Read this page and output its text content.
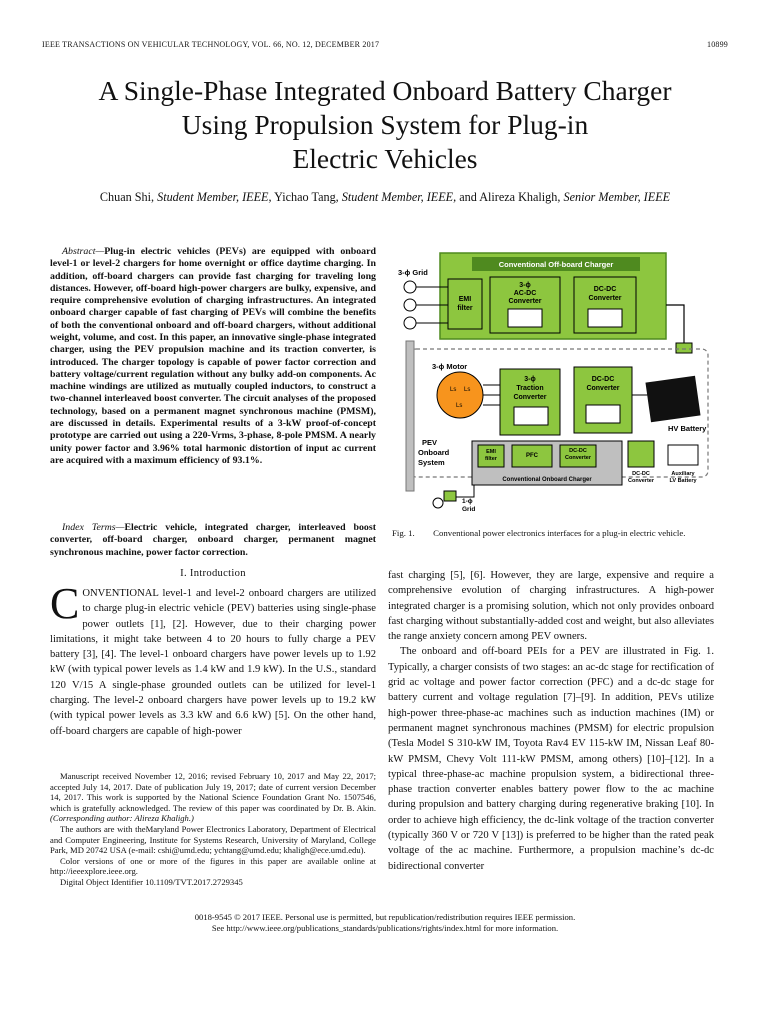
IEEE TRANSACTIONS ON VEHICULAR TECHNOLOGY, VOL. 66, NO. 12, DECEMBER 2017	10899
A Single-Phase Integrated Onboard Battery Charger
Using Propulsion System for Plug-in
Electric Vehicles
Chuan Shi, Student Member, IEEE, Yichao Tang, Student Member, IEEE, and Alireza Khaligh, Senior Member, IEEE
Abstract—Plug-in electric vehicles (PEVs) are equipped with onboard level-1 or level-2 chargers for home overnight or office daytime charging. In addition, off-board chargers can provide fast charging for traveling long distances. However, off-board high-power chargers are bulky, expensive, and require comprehensive evolution of charging infrastructures. An integrated onboard charger capable of fast charging of PEVs will combine the benefits of both the conventional onboard and off-board chargers, without additional weight, volume, and cost. In this paper, an innovative single-phase integrated charger, using the PEV propulsion machine and its traction converter, is introduced. The charger topology is capable of power factor correction and battery voltage/current regulation without any bulky add-on components. Ac machine windings are utilized as mutually coupled inductors, to construct a two-channel interleaved boost converter. The circuit analyses of the proposed technology, based on a permanent magnet synchronous machine (PMSM), are discussed in details. Experimental results of a 3-kW proof-of-concept prototype are carried out using a 220-Vrms, 3-phase, 8-pole PMSM. A nearly unity power factor and 3.96% total harmonic distortion of input ac current are acquired with a maximum efficiency of 93.1%.
Index Terms—Electric vehicle, integrated charger, interleaved boost converter, off-board charger, onboard charger, permanent magnet synchronous machine, power factor correction.
I. Introduction

CONVENTIONAL level-1 and level-2 onboard chargers are utilized to charge plug-in electric vehicle (PEV) batteries using single-phase power outlets [1], [2]. However, due to their charging power limitations, it might take between 4 to 20 hours to fully charge a PEV battery [3], [4]. The level-1 onboard chargers have power levels up to 1.92 kW (with typical power levels as 1.4 kW and 1.9 kW). In the U.S., standard 120 V/15 A single-phase grounded outlets can be utilized for level-1 charging. The level-2 onboard chargers have power levels up to 19.2 kW (with typical power levels as 3.3 kW and 6.6 kW) [5]. On the other hand, off-board chargers are capable of high-power

Manuscript received November 12, 2016; revised February 10, 2017 and May 22, 2017; accepted July 14, 2017. Date of publication July 19, 2017; date of current version December 14, 2017. This work is supported by the National Science Foundation Grant No. 1507546, which is gratefully acknowledged. The review of this paper was coordinated by Dr. B. Akin. (Corresponding author: Alireza Khaligh.)

The authors are with theMaryland Power Electronics Laboratory, Department of Electrical and Computer Engineering, Institute for Systems Research, University of Maryland, College Park, MD 20742 USA (e-mail: cshi@umd.edu; ychtang@umd.edu; khaligh@ece.umd.edu).

Color versions of one or more of the figures in this paper are available online at http://ieeexplore.ieee.org.

Digital Object Identifier 10.1109/TVT.2017.2729345

fast charging [5], [6]. However, they are large, expensive and require a comprehensive evolution of charging infrastructures. A high-power integrated charger is a promising solution, which not only provides onboard fast charging without substantially-added cost and weight, but also alleviates the range anxiety concern among PEV owners.

The onboard and off-board PEIs for a PEV are illustrated in Fig. 1. Typically, a charger consists of two stages: an ac-dc stage for rectification of grid ac voltage and power factor correction (PFC) and a dc-dc stage for battery current and voltage regulation [7]–[9]. In addition, PEVs utilize high-power three-phase-ac machines such as induction machines (IM) or permanent magnet synchronous machines (PMSM) for electric propulsion (Tesla Model S 310-kW IM, Toyota Rav4 EV 115-kW IM, Nissan Leaf 80-kW PMSM, Chevy Volt 111-kW PMSM, among others) [10]–[12]. In a typical three-phase-ac machine propulsion system, a bidirectional three-phase traction converter enables battery power flow to the ac machine during propulsion and battery charging during regenerative braking [10]. In order to achieve high efficiency, the dc-link voltage of the traction converter (typically 360 V or 720 V [13]) is preferred to be higher than the rated peak voltage of the ac machine. Furthermore, a propulsion machine’s dc-dc bidirectional converter

Conventional Off-board Charger
3-ϕ Grid
EMI
filter
3-ϕ
AC-DC
Converter
DC-DC
Converter
3-ϕ Motor
Ls Ls
Ls
3-ϕ
Traction
Converter
DC-DC
Converter
HV Battery
PEV
Onboard
System
EMI
filter	PFC
DC-DC
Converter
Conventional Onboard Charger
DC-DC
Converter
Auxiliary
LV Battery
1-ϕ
Grid
Fig. 1. Conventional power electronics interfaces for a plug-in electric vehicle.
0018-9545 © 2017 IEEE. Personal use is permitted, but republication/redistribution requires IEEE permission.
See http://www.ieee.org/publications_standards/publications/rights/index.html for more information.
